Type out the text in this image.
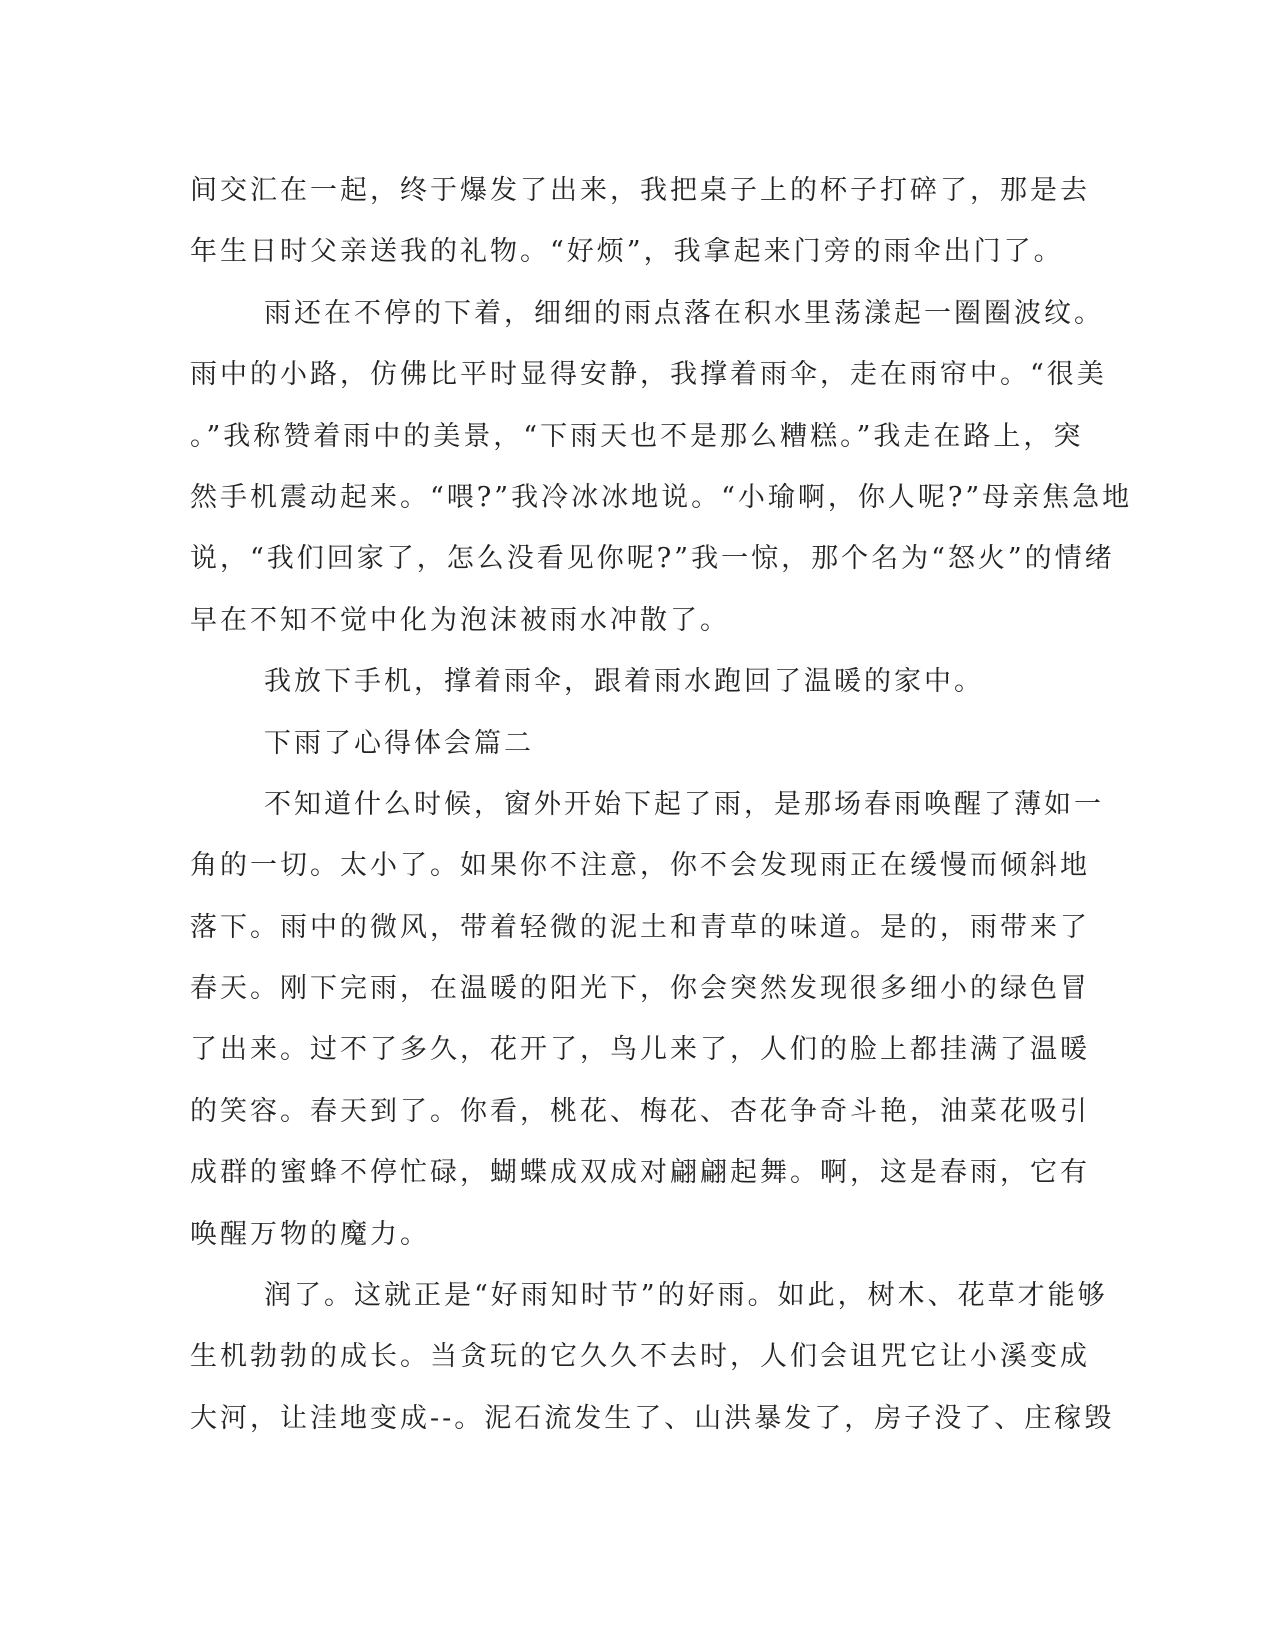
间交汇在一起，终于爆发了出来，我把桌子上的杯子打碎了，那是去
年生日时父亲送我的礼物。“好烦”，我拿起来门旁的雨伞出门了。
雨还在不停的下着，细细的雨点落在积水里荡漾起一圈圈波纹。
雨中的小路，仿佛比平时显得安静，我撑着雨伞，走在雨帘中。“很美
。”我称赞着雨中的美景，“下雨天也不是那么糟糕。”我走在路上，突
然手机震动起来。“喂?”我冷冰冰地说。“小瑜啊，你人呢?”母亲焦急地
说，“我们回家了，怎么没看见你呢?”我一惊，那个名为“怒火”的情绪
早在不知不觉中化为泡沫被雨水冲散了。
我放下手机，撑着雨伞，跟着雨水跑回了温暖的家中。
下雨了心得体会篇二
不知道什么时候，窗外开始下起了雨，是那场春雨唤醒了薄如一
角的一切。太小了。如果你不注意，你不会发现雨正在缓慢而倾斜地
落下。雨中的微风，带着轻微的泥土和青草的味道。是的，雨带来了
春天。刚下完雨，在温暖的阳光下，你会突然发现很多细小的绿色冒
了出来。过不了多久，花开了，鸟儿来了，人们的脸上都挂满了温暖
的笑容。春天到了。你看，桃花、梅花、杏花争奇斗艳，油菜花吸引
成群的蜜蜂不停忙碌，蝴蝶成双成对翩翩起舞。啊，这是春雨，它有
唤醒万物的魔力。
润了。这就正是“好雨知时节”的好雨。如此，树木、花草才能够
生机勃勃的成长。当贪玩的它久久不去时，人们会诅咒它让小溪变成
大河，让洼地变成--。泥石流发生了、山洪暴发了，房子没了、庄稼毁
